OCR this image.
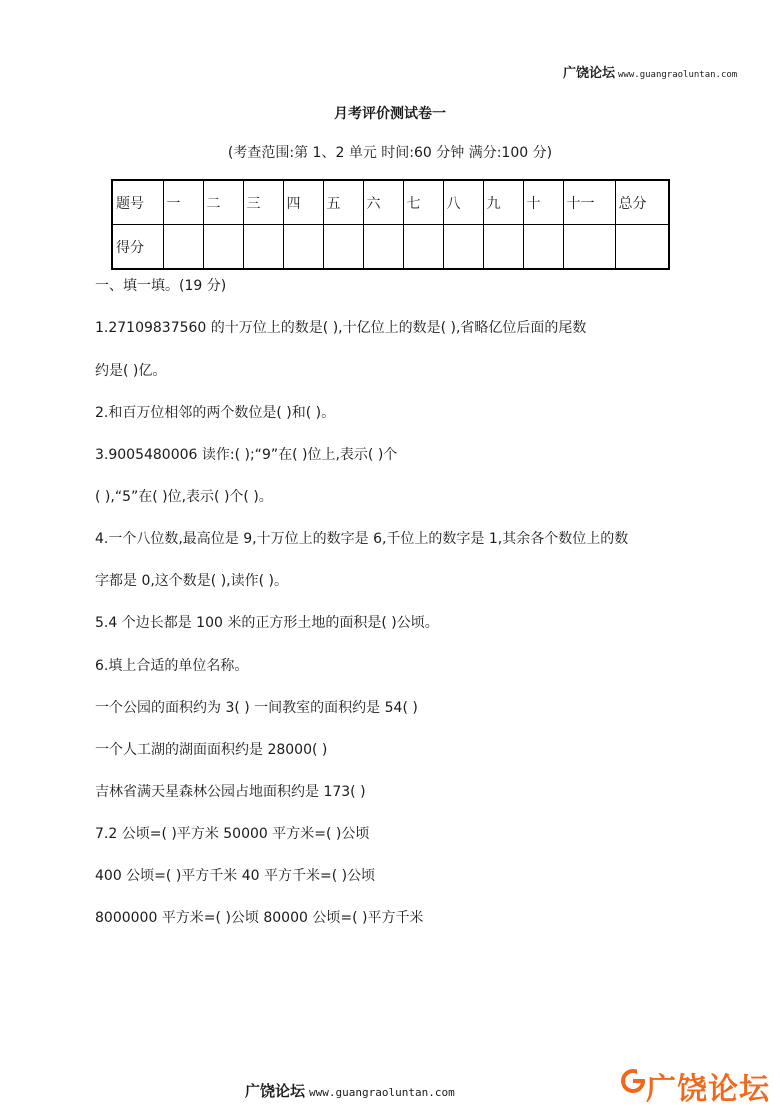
广饶论坛 www.guangraoluntan.com
月考评价测试卷一
(考查范围:第 1、2 单元 时间:60 分钟 满分:100 分)
题号	一	二	三	四	五	六	七	八	九	十	十一	总分
得分												
一、填一填。(19 分)
1.27109837560 的十万位上的数是( ),十亿位上的数是( ),省略亿位后面的尾数
约是( )亿。
2.和百万位相邻的两个数位是( )和( )。
3.9005480006 读作:( );“9”在( )位上,表示( )个
( ),“5”在( )位,表示( )个( )。
4.一个八位数,最高位是 9,十万位上的数字是 6,千位上的数字是 1,其余各个数位上的数
字都是 0,这个数是( ),读作( )。
5.4 个边长都是 100 米的正方形土地的面积是( )公顷。
6.填上合适的单位名称。
一个公园的面积约为 3( ) 一间教室的面积约是 54( )
一个人工湖的湖面面积约是 28000( )
吉林省满天星森林公园占地面积约是 173( )
7.2 公顷=( )平方米 50000 平方米=( )公顷
400 公顷=( )平方千米 40 平方千米=( )公顷
8000000 平方米=( )公顷 80000 公顷=( )平方千米
广饶论坛 www.guangraoluntan.com	广饶论坛
